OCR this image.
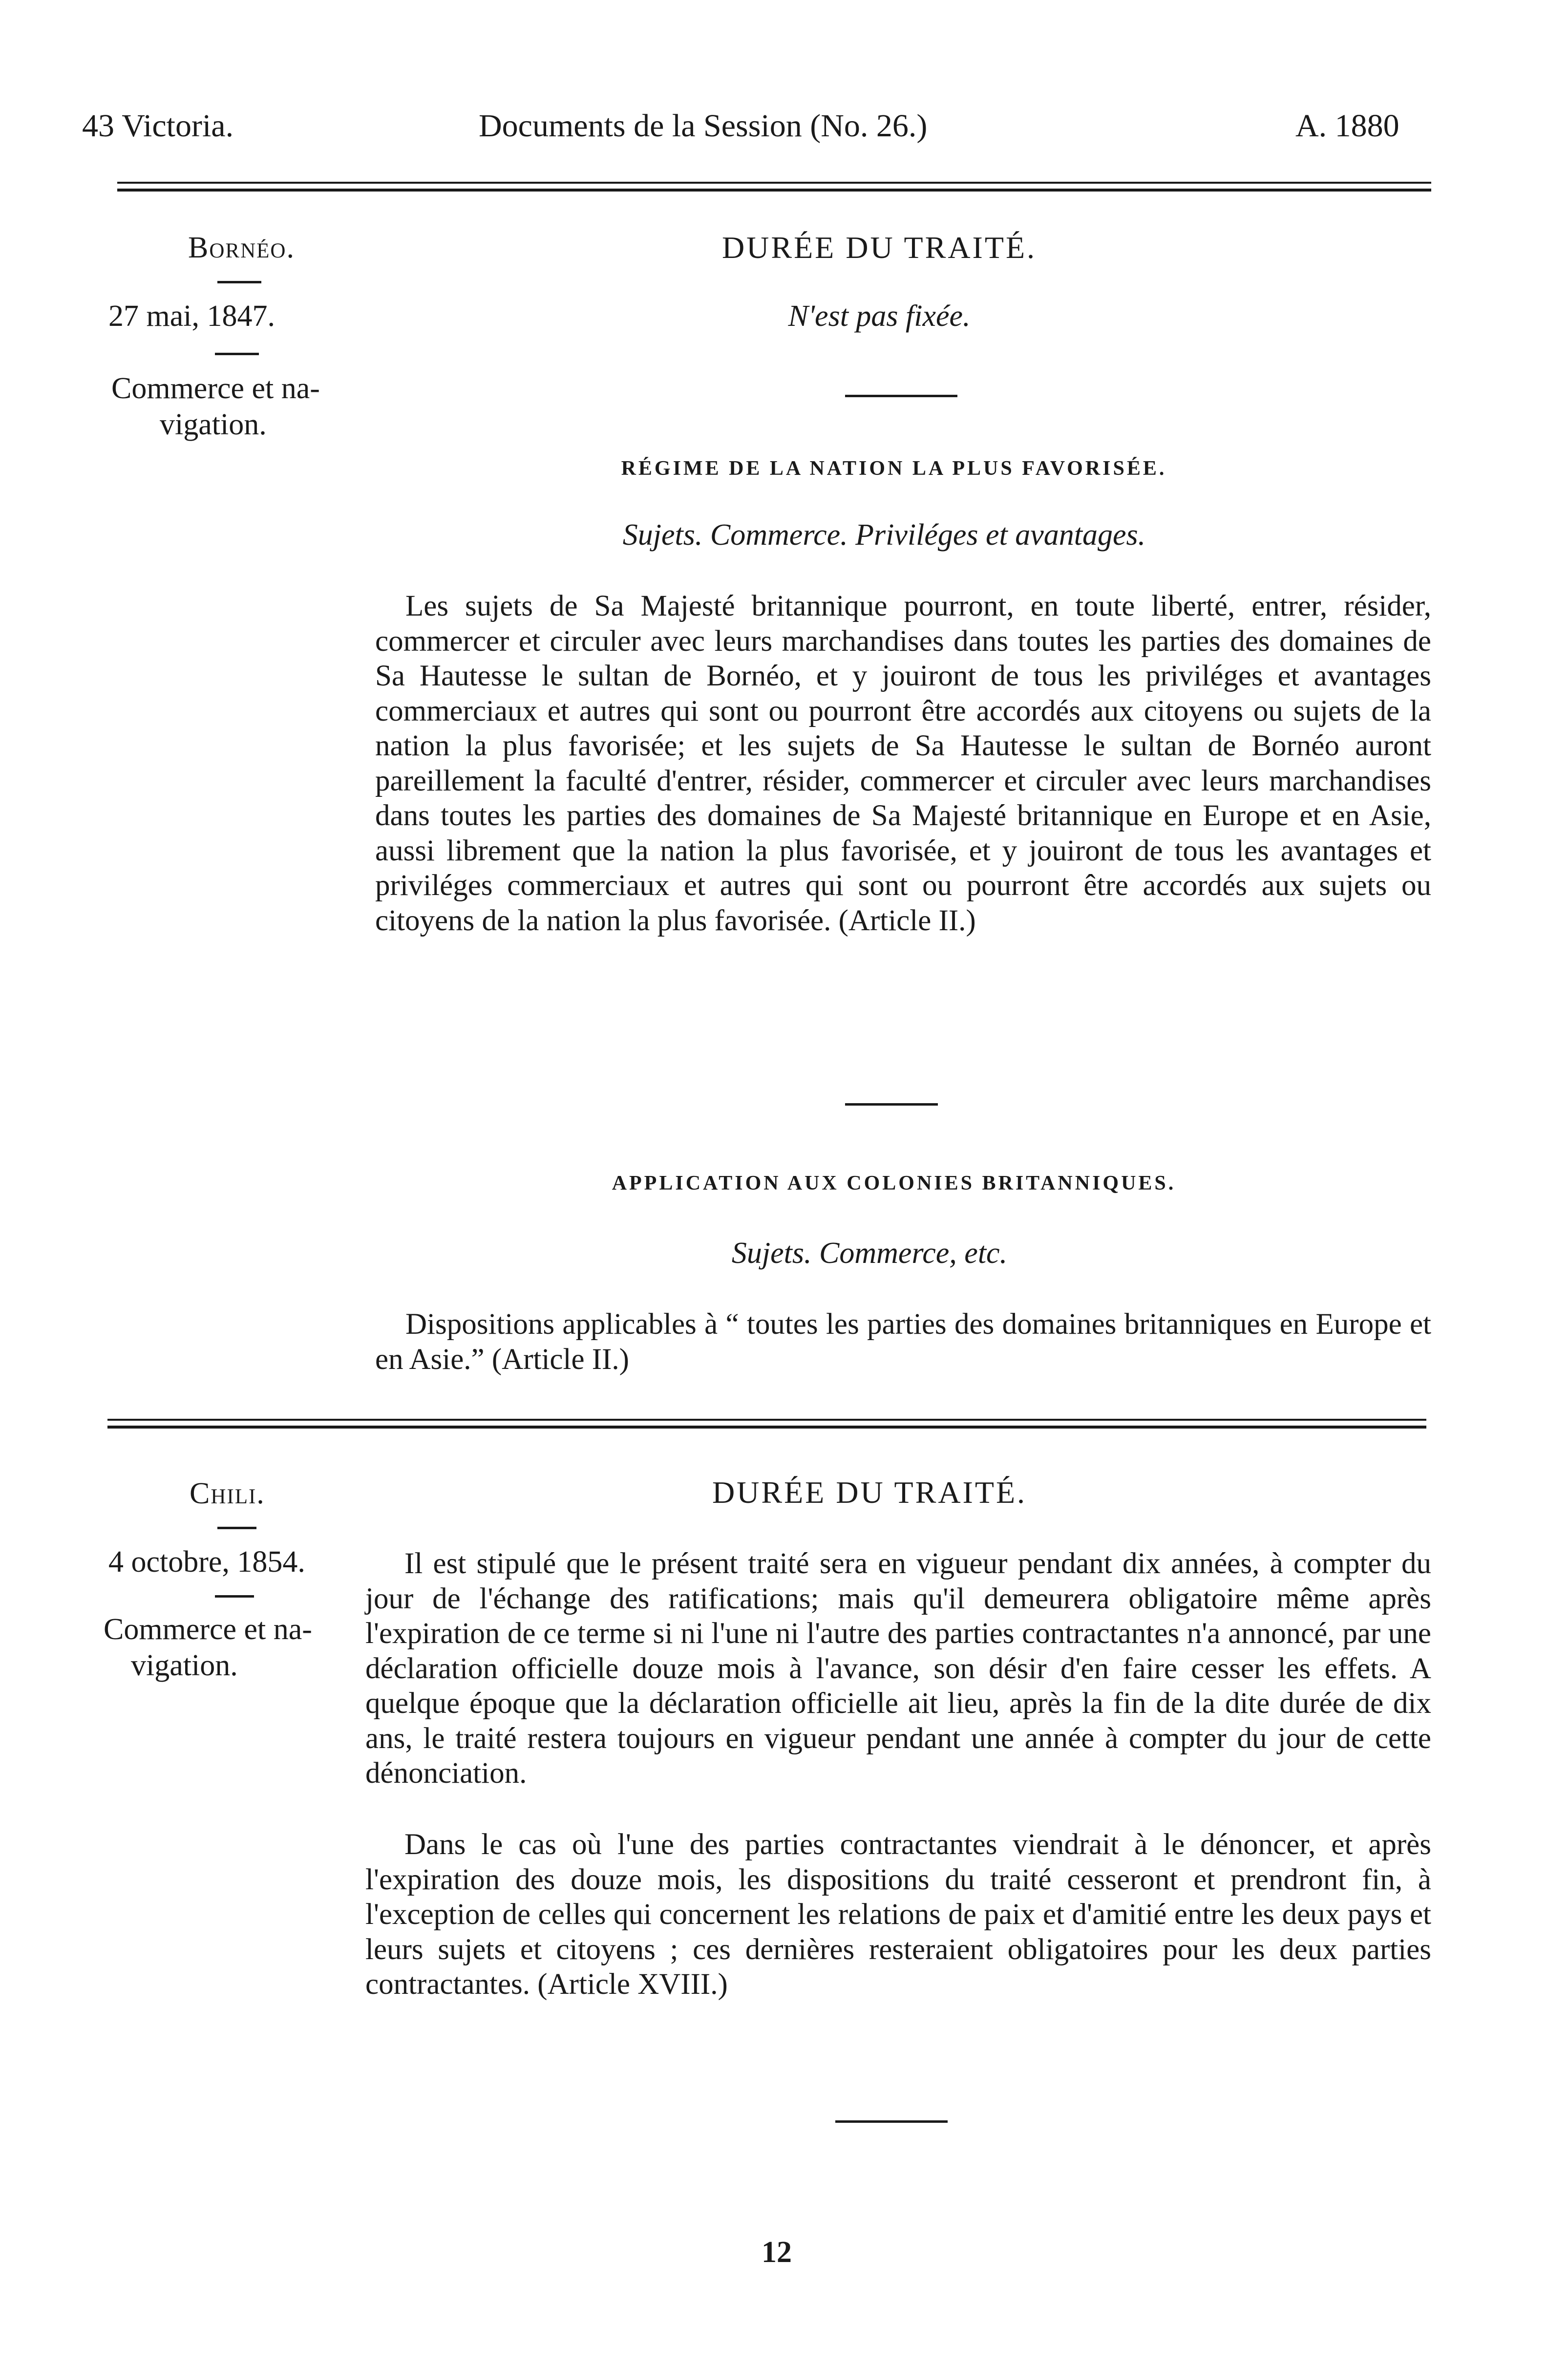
43 Victoria.	Documents de la Session (No. 26.)	A. 1880
Bornéo.
27 mai, 1847.
Commerce et na-
vigation.
DURÉE DU TRAITÉ.
N'est pas fixée.
RÉGIME DE LA NATION LA PLUS FAVORISÉE.
Sujets. Commerce. Priviléges et avantages.
Les sujets de Sa Majesté britannique pourront, en toute liberté, entrer, résider, commercer et circuler avec leurs marchandises dans toutes les parties des domaines de Sa Hautesse le sultan de Bornéo, et y jouiront de tous les priviléges et avantages commerciaux et autres qui sont ou pourront être accordés aux citoyens ou sujets de la nation la plus favorisée; et les sujets de Sa Hautesse le sultan de Bornéo auront pareillement la faculté d'entrer, résider, commercer et circuler avec leurs marchandises dans toutes les parties des domaines de Sa Majesté britannique en Europe et en Asie, aussi librement que la nation la plus favorisée, et y jouiront de tous les avantages et priviléges commerciaux et autres qui sont ou pourront être accordés aux sujets ou citoyens de la nation la plus favorisée. (Article II.)
APPLICATION AUX COLONIES BRITANNIQUES.
Sujets. Commerce, etc.
Dispositions applicables à “ toutes les parties des domaines britanniques en Europe et en Asie.” (Article II.)
Chili.
4 octobre, 1854.
Commerce et na-
vigation.
DURÉE DU TRAITÉ.
Il est stipulé que le présent traité sera en vigueur pendant dix années, à compter du jour de l'échange des ratifications; mais qu'il demeurera obligatoire même après l'expiration de ce terme si ni l'une ni l'autre des parties contractantes n'a annoncé, par une déclaration officielle douze mois à l'avance, son désir d'en faire cesser les effets. A quelque époque que la déclaration officielle ait lieu, après la fin de la dite durée de dix ans, le traité restera toujours en vigueur pendant une année à compter du jour de cette dénonciation.
Dans le cas où l'une des parties contractantes viendrait à le dénoncer, et après l'expiration des douze mois, les dispositions du traité cesseront et prendront fin, à l'exception de celles qui concernent les relations de paix et d'amitié entre les deux pays et leurs sujets et citoyens ; ces dernières resteraient obligatoires pour les deux parties contractantes. (Article XVIII.)
12
